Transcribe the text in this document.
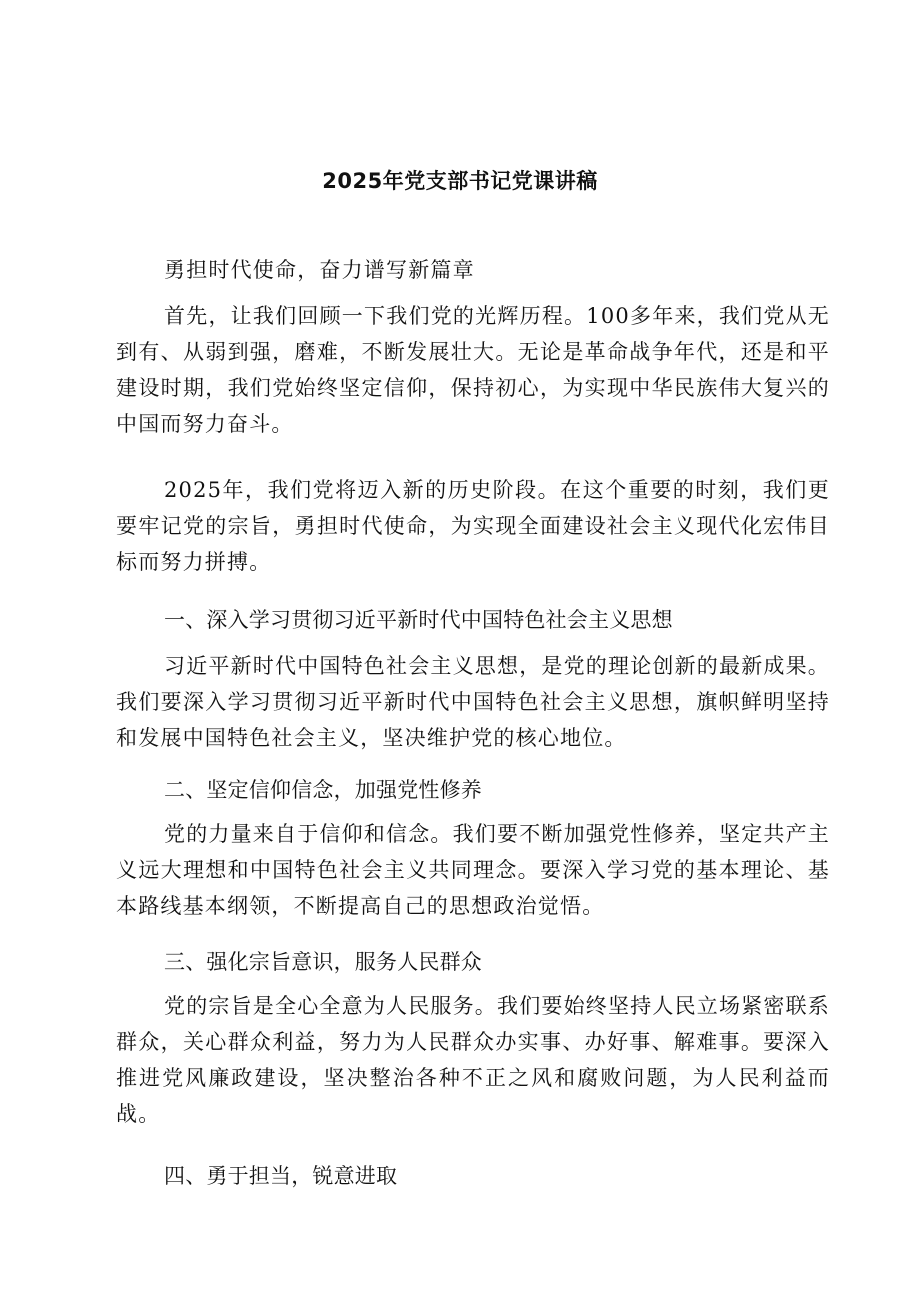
2025年党支部书记党课讲稿
勇担时代使命，奋力谱写新篇章
首先，让我们回顾一下我们党的光辉历程。100多年来，我们党从无到有、从弱到强，磨难，不断发展壮大。无论是革命战争年代，还是和平建设时期，我们党始终坚定信仰，保持初心，为实现中华民族伟大复兴的中国而努力奋斗。
2025年，我们党将迈入新的历史阶段。在这个重要的时刻，我们更要牢记党的宗旨，勇担时代使命，为实现全面建设社会主义现代化宏伟目标而努力拼搏。
一、深入学习贯彻习近平新时代中国特色社会主义思想
习近平新时代中国特色社会主义思想，是党的理论创新的最新成果。我们要深入学习贯彻习近平新时代中国特色社会主义思想，旗帜鲜明坚持和发展中国特色社会主义，坚决维护党的核心地位。
二、坚定信仰信念，加强党性修养
党的力量来自于信仰和信念。我们要不断加强党性修养，坚定共产主义远大理想和中国特色社会主义共同理念。要深入学习党的基本理论、基本路线基本纲领，不断提高自己的思想政治觉悟。
三、强化宗旨意识，服务人民群众
党的宗旨是全心全意为人民服务。我们要始终坚持人民立场紧密联系群众，关心群众利益，努力为人民群众办实事、办好事、解难事。要深入推进党风廉政建设，坚决整治各种不正之风和腐败问题，为人民利益而战。
四、勇于担当，锐意进取
